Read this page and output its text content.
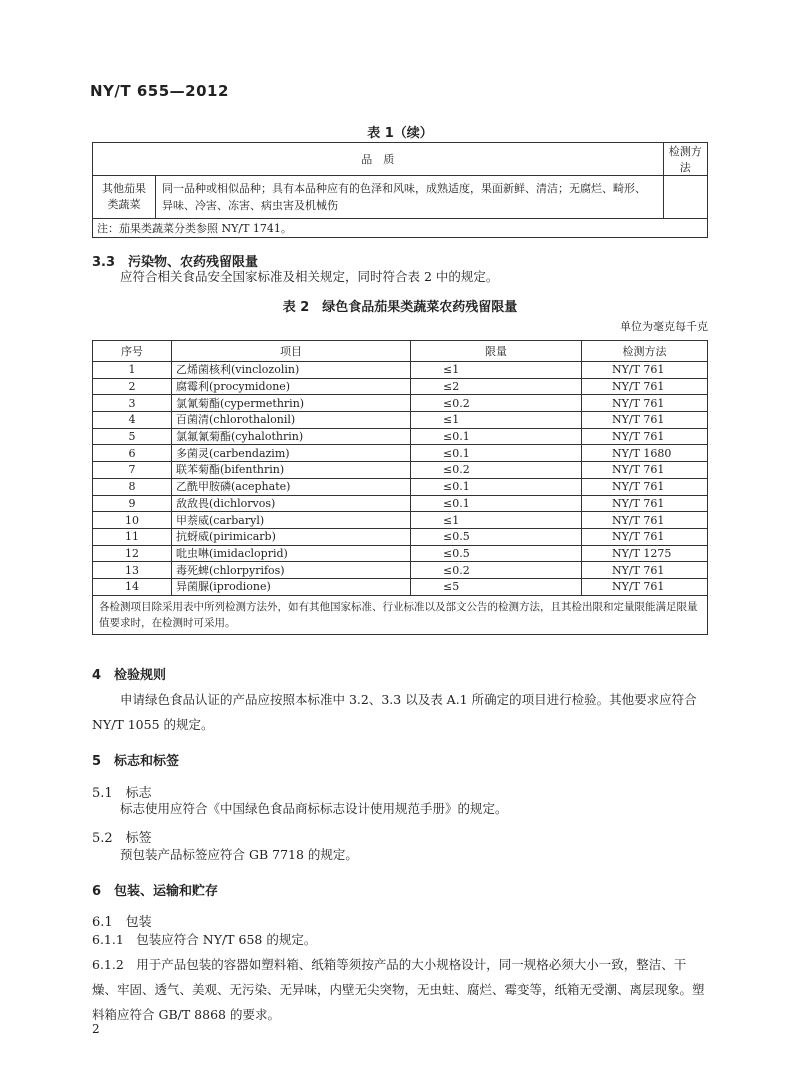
NY/T 655—2012
表 1（续）
品　质		检测方法
其他茄果类蔬菜	同一品种或相似品种；具有本品种应有的色泽和风味，成熟适度，果面新鲜、清洁；无腐烂、畸形、异味、冷害、冻害、病虫害及机械伤	
注：茄果类蔬菜分类参照 NY/T 1741。		
3.3　污染物、农药残留限量
应符合相关食品安全国家标准及相关规定，同时符合表 2 中的规定。
表 2　绿色食品茄果类蔬菜农药残留限量
单位为毫克每千克
序号	项目	限量	检测方法
1	乙烯菌核利(vinclozolin)	≤1	NY/T 761
2	腐霉利(procymidone)	≤2	NY/T 761
3	氯氰菊酯(cypermethrin)	≤0.2	NY/T 761
4	百菌清(chlorothalonil)	≤1	NY/T 761
5	氯氟氰菊酯(cyhalothrin)	≤0.1	NY/T 761
6	多菌灵(carbendazim)	≤0.1	NY/T 1680
7	联苯菊酯(bifenthrin)	≤0.2	NY/T 761
8	乙酰甲胺磷(acephate)	≤0.1	NY/T 761
9	敌敌畏(dichlorvos)	≤0.1	NY/T 761
10	甲萘威(carbaryl)	≤1	NY/T 761
11	抗蚜威(pirimicarb)	≤0.5	NY/T 761
12	吡虫啉(imidacloprid)	≤0.5	NY/T 1275
13	毒死蜱(chlorpyrifos)	≤0.2	NY/T 761
14	异菌脲(iprodione)	≤5	NY/T 761
各检测项目除采用表中所列检测方法外，如有其他国家标准、行业标准以及部文公告的检测方法，且其检出限和定量限能满足限量值要求时，在检测时可采用。			
4　检验规则
申请绿色食品认证的产品应按照本标准中 3.2、3.3 以及表 A.1 所确定的项目进行检验。其他要求应符合 NY/T 1055 的规定。
5　标志和标签
5.1　标志
标志使用应符合《中国绿色食品商标标志设计使用规范手册》的规定。
5.2　标签
预包装产品标签应符合 GB 7718 的规定。
6　包装、运输和贮存
6.1　包装
6.1.1　包装应符合 NY/T 658 的规定。
6.1.2　用于产品包装的容器如塑料箱、纸箱等须按产品的大小规格设计，同一规格必须大小一致，整洁、干燥、牢固、透气、美观、无污染、无异味，内壁无尖突物，无虫蛀、腐烂、霉变等，纸箱无受潮、离层现象。塑料箱应符合 GB/T 8868 的要求。
2
